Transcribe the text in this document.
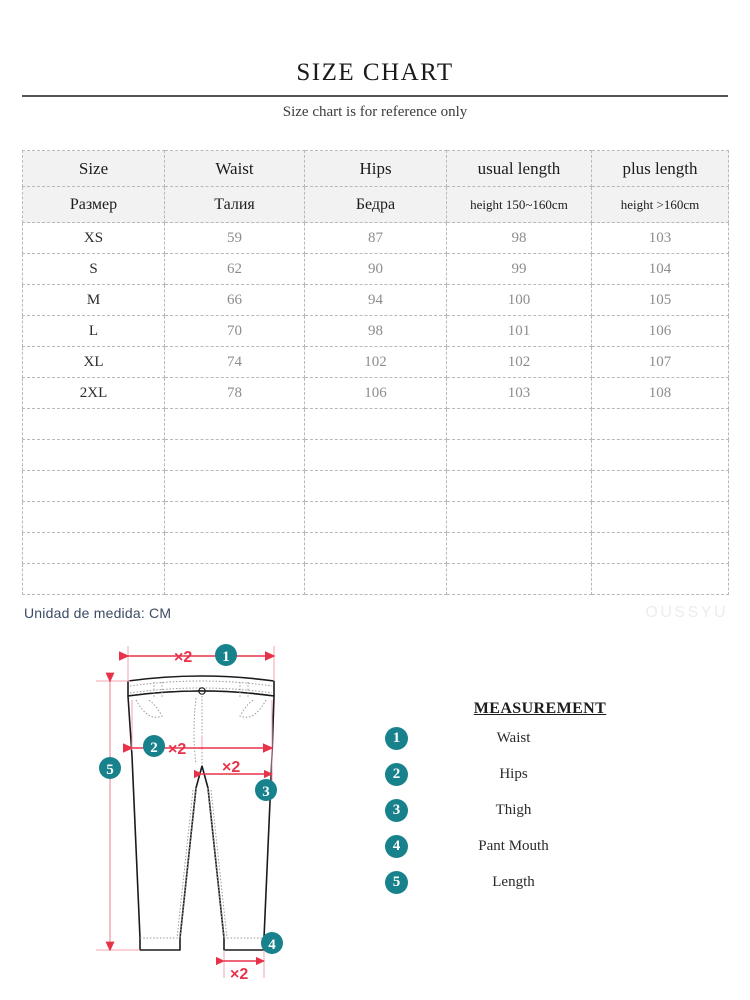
SIZE CHART
Size chart is for reference only
Size	Waist	Hips	usual length	plus length
Размер	Талия	Бедра	height 150~160cm	height >160cm
XS	59	87	98	103
S	62	90	99	104
M	66	94	100	105
L	70	98	101	106
XL	74	102	102	107
2XL	78	106	103	108

Unidad de medida: CM	OUSSYU
×2 1
2 ×2
×2
3
5
×2
4
MEASUREMENT
1	Waist
2	Hips
3	Thigh
4	Pant Mouth
5	Length
